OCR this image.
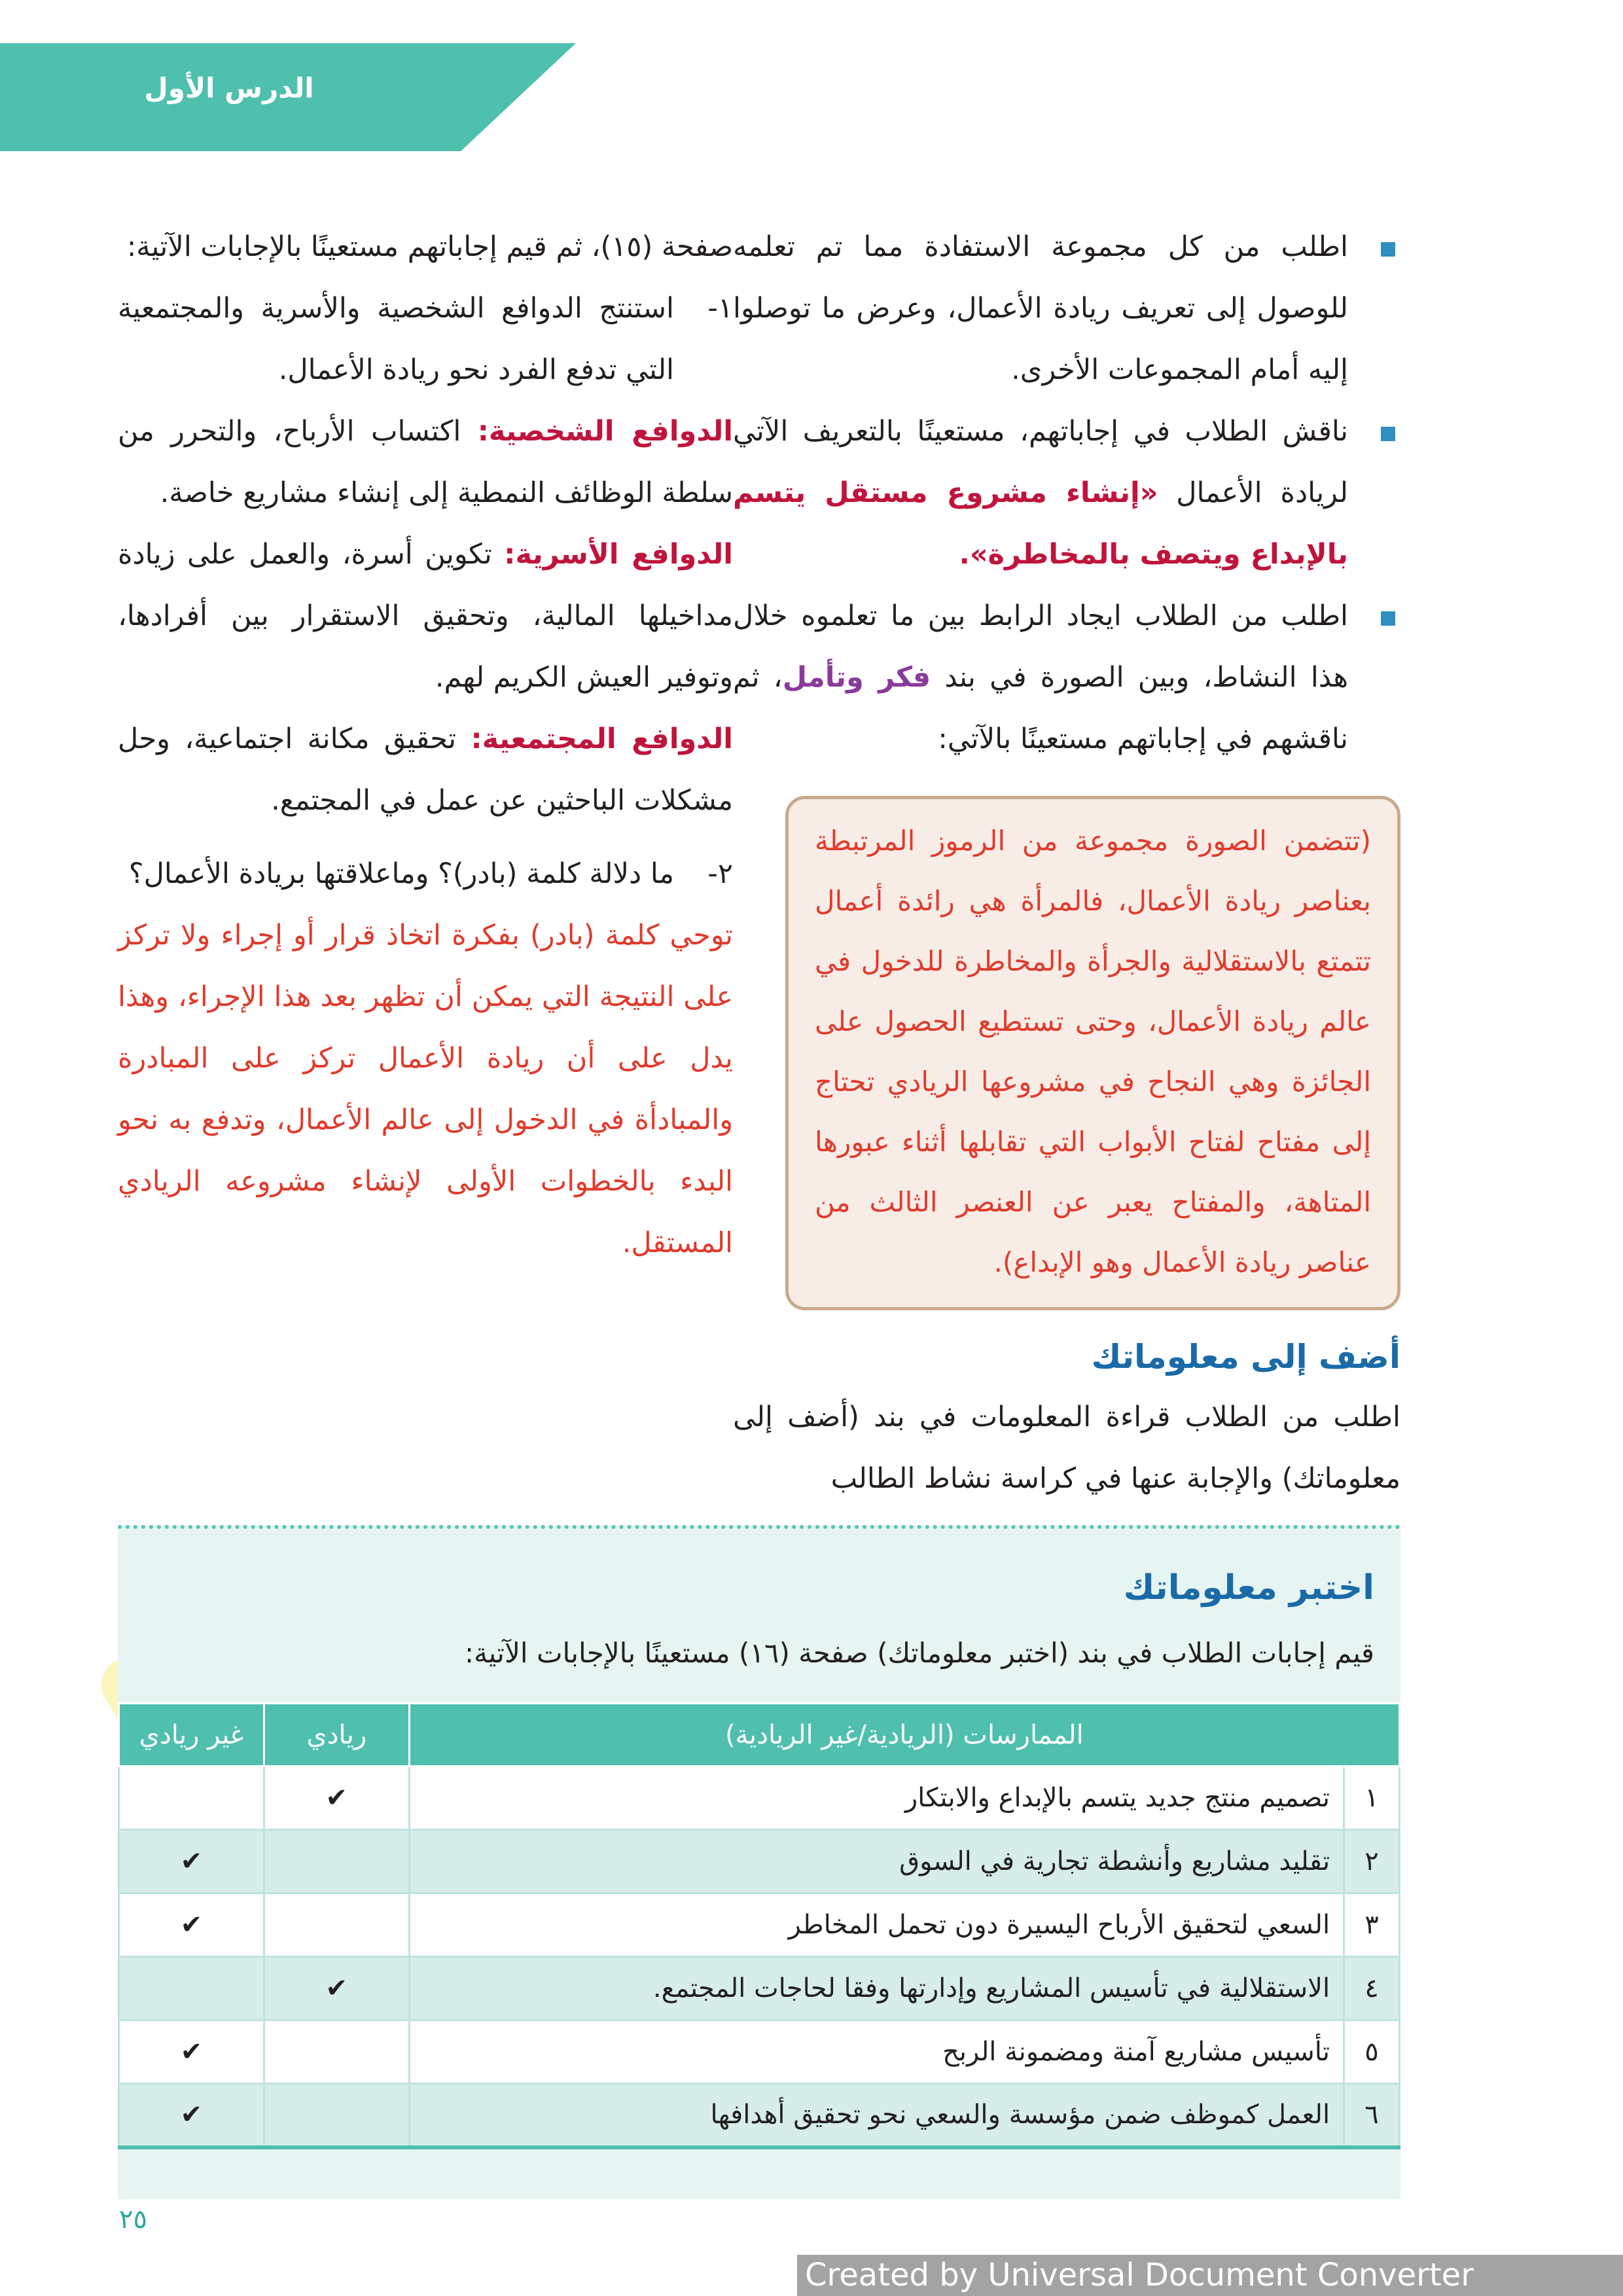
الدرس الأول

اطلب من كل مجموعة الاستفادة مما تم تعلمه للوصول إلى تعريف ريادة الأعمال، وعرض ما توصلوا إليه أمام المجموعات الأخرى.

ناقش الطلاب في إجاباتهم، مستعينًا بالتعريف الآتي لريادة الأعمال «إنشاء مشروع مستقل يتسم بالإبداع ويتصف بالمخاطرة».

اطلب من الطلاب ايجاد الرابط بين ما تعلموه خلال هذا النشاط، وبين الصورة في بند فكر وتأمل، ثم ناقشهم في إجاباتهم مستعينًا بالآتي:

(تتضمن الصورة مجموعة من الرموز المرتبطة بعناصر ريادة الأعمال، فالمرأة هي رائدة أعمال تتمتع بالاستقلالية والجرأة والمخاطرة للدخول في عالم ريادة الأعمال، وحتى تستطيع الحصول على الجائزة وهي النجاح في مشروعها الريادي تحتاج إلى مفتاح لفتاح الأبواب التي تقابلها أثناء عبورها المتاهة، والمفتاح يعبر عن العنصر الثالث من عناصر ريادة الأعمال وهو الإبداع).

أضف إلى معلوماتك

اطلب من الطلاب قراءة المعلومات في بند (أضف إلى معلوماتك) والإجابة عنها في كراسة نشاط الطالب

صفحة (١٥)، ثم قيم إجاباتهم مستعينًا بالإجابات الآتية:

١-
استنتج الدوافع الشخصية والأسرية والمجتمعية التي تدفع الفرد نحو ريادة الأعمال.

الدوافع الشخصية: اكتساب الأرباح، والتحرر من سلطة الوظائف النمطية إلى إنشاء مشاريع خاصة.

الدوافع الأسرية: تكوين أسرة، والعمل على زيادة مداخيلها المالية، وتحقيق الاستقرار بين أفرادها، وتوفير العيش الكريم لهم.

الدوافع المجتمعية: تحقيق مكانة اجتماعية، وحل مشكلات الباحثين عن عمل في المجتمع.

٢-
ما دلالة كلمة (بادر)؟ وماعلاقتها بريادة الأعمال؟

توحي كلمة (بادر) بفكرة اتخاذ قرار أو إجراء ولا تركز على النتيجة التي يمكن أن تظهر بعد هذا الإجراء، وهذا يدل على أن ريادة الأعمال تركز على المبادرة والمبادأة في الدخول إلى عالم الأعمال، وتدفع به نحو البدء بالخطوات الأولى لإنشاء مشروعه الريادي المستقل.

اختبر معلوماتك
قيم إجابات الطلاب في بند (اختبر معلوماتك) صفحة (١٦) مستعينًا بالإجابات الآتية:
الممارسات (الريادية/غير الريادية)		ريادي	غير ريادي
١	تصميم منتج جديد يتسم بالإبداع والابتكار	✔	
٢	تقليد مشاريع وأنشطة تجارية في السوق		✔
٣	السعي لتحقيق الأرباح اليسيرة دون تحمل المخاطر		✔
٤	الاستقلالية في تأسيس المشاريع وإدارتها وفقا لحاجات المجتمع.	✔	
٥	تأسيس مشاريع آمنة ومضمونة الربح		✔
٦	العمل كموظف ضمن مؤسسة والسعي نحو تحقيق أهدافها		✔
٢٥
Created by Universal Document Converter
